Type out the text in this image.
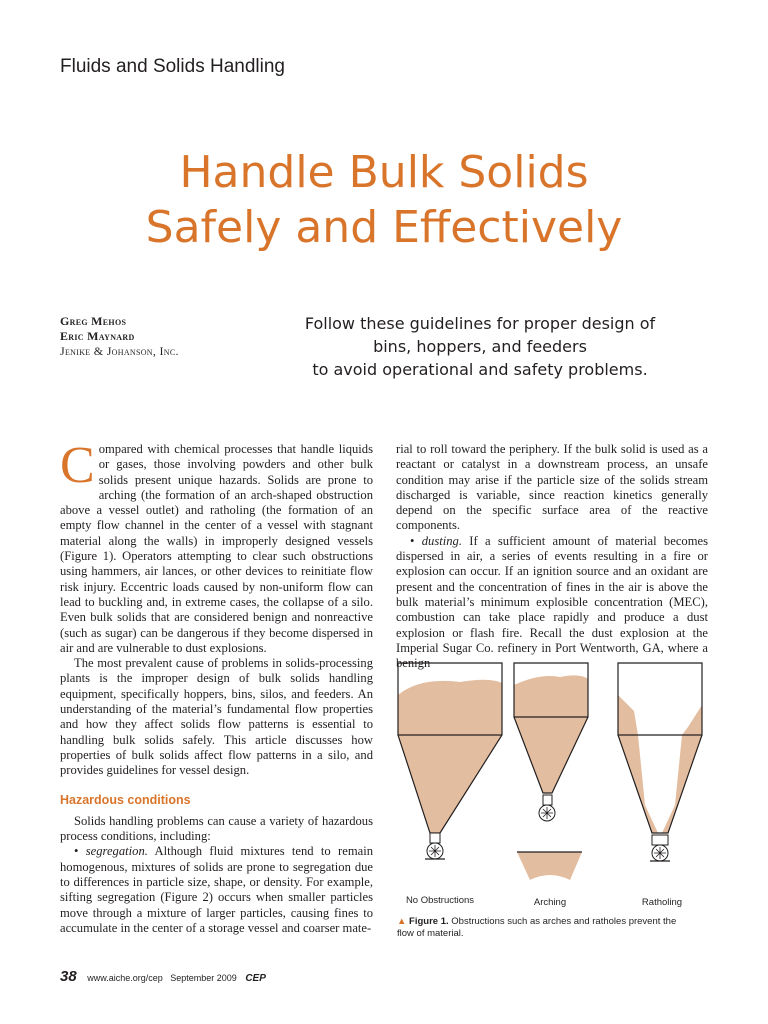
Fluids and Solids Handling
Handle Bulk Solids
Safely and Effectively
Greg Mehos
Eric Maynard
Jenike & Johanson, Inc.
Follow these guidelines for proper design of
bins, hoppers, and feeders
to avoid operational and safety problems.

Compared with chemical processes that handle liquids or gases, those involving powders and other bulk solids present unique hazards. Solids are prone to arching (the formation of an arch-shaped obstruction above a vessel outlet) and ratholing (the formation of an empty flow channel in the center of a vessel with stagnant material along the walls) in improperly designed vessels (Figure 1). Operators attempting to clear such obstructions using hammers, air lances, or other devices to reinitiate flow risk injury. Eccentric loads caused by non-uniform flow can lead to buckling and, in extreme cases, the collapse of a silo. Even bulk solids that are considered benign and nonreactive (such as sugar) can be dangerous if they become dispersed in air and are vulnerable to dust explosions.

The most prevalent cause of problems in solids-processing plants is the improper design of bulk solids handling equipment, specifically hoppers, bins, silos, and feeders. An understanding of the material’s fundamental flow properties and how they affect solids flow patterns is essential to handling bulk solids safely. This article discusses how properties of bulk solids affect flow patterns in a silo, and provides guidelines for vessel design.

Hazardous conditions

Solids handling problems can cause a variety of hazardous process conditions, including:

• segregation. Although fluid mixtures tend to remain homogenous, mixtures of solids are prone to segregation due to differences in particle size, shape, or density. For example, sifting segregation (Figure 2) occurs when smaller particles move through a mixture of larger particles, causing fines to accumulate in the center of a storage vessel and coarser mate-

rial to roll toward the periphery. If the bulk solid is used as a reactant or catalyst in a downstream process, an unsafe condition may arise if the particle size of the solids stream discharged is variable, since reaction kinetics generally depend on the specific surface area of the reactive components.

• dusting. If a sufficient amount of material becomes dispersed in air, a series of events resulting in a fire or explosion can occur. If an ignition source and an oxidant are present and the concentration of fines in the air is above the bulk material’s minimum explosible concentration (MEC), combustion can take place rapidly and produce a dust explosion or flash fire. Recall the dust explosion at the Imperial Sugar Co. refinery in Port Wentworth, GA, where a benign

No Obstructions	Arching	Ratholing
▲ Figure 1. Obstructions such as arches and ratholes prevent the flow of material.
38 www.aiche.org/cep September 2009 CEP
